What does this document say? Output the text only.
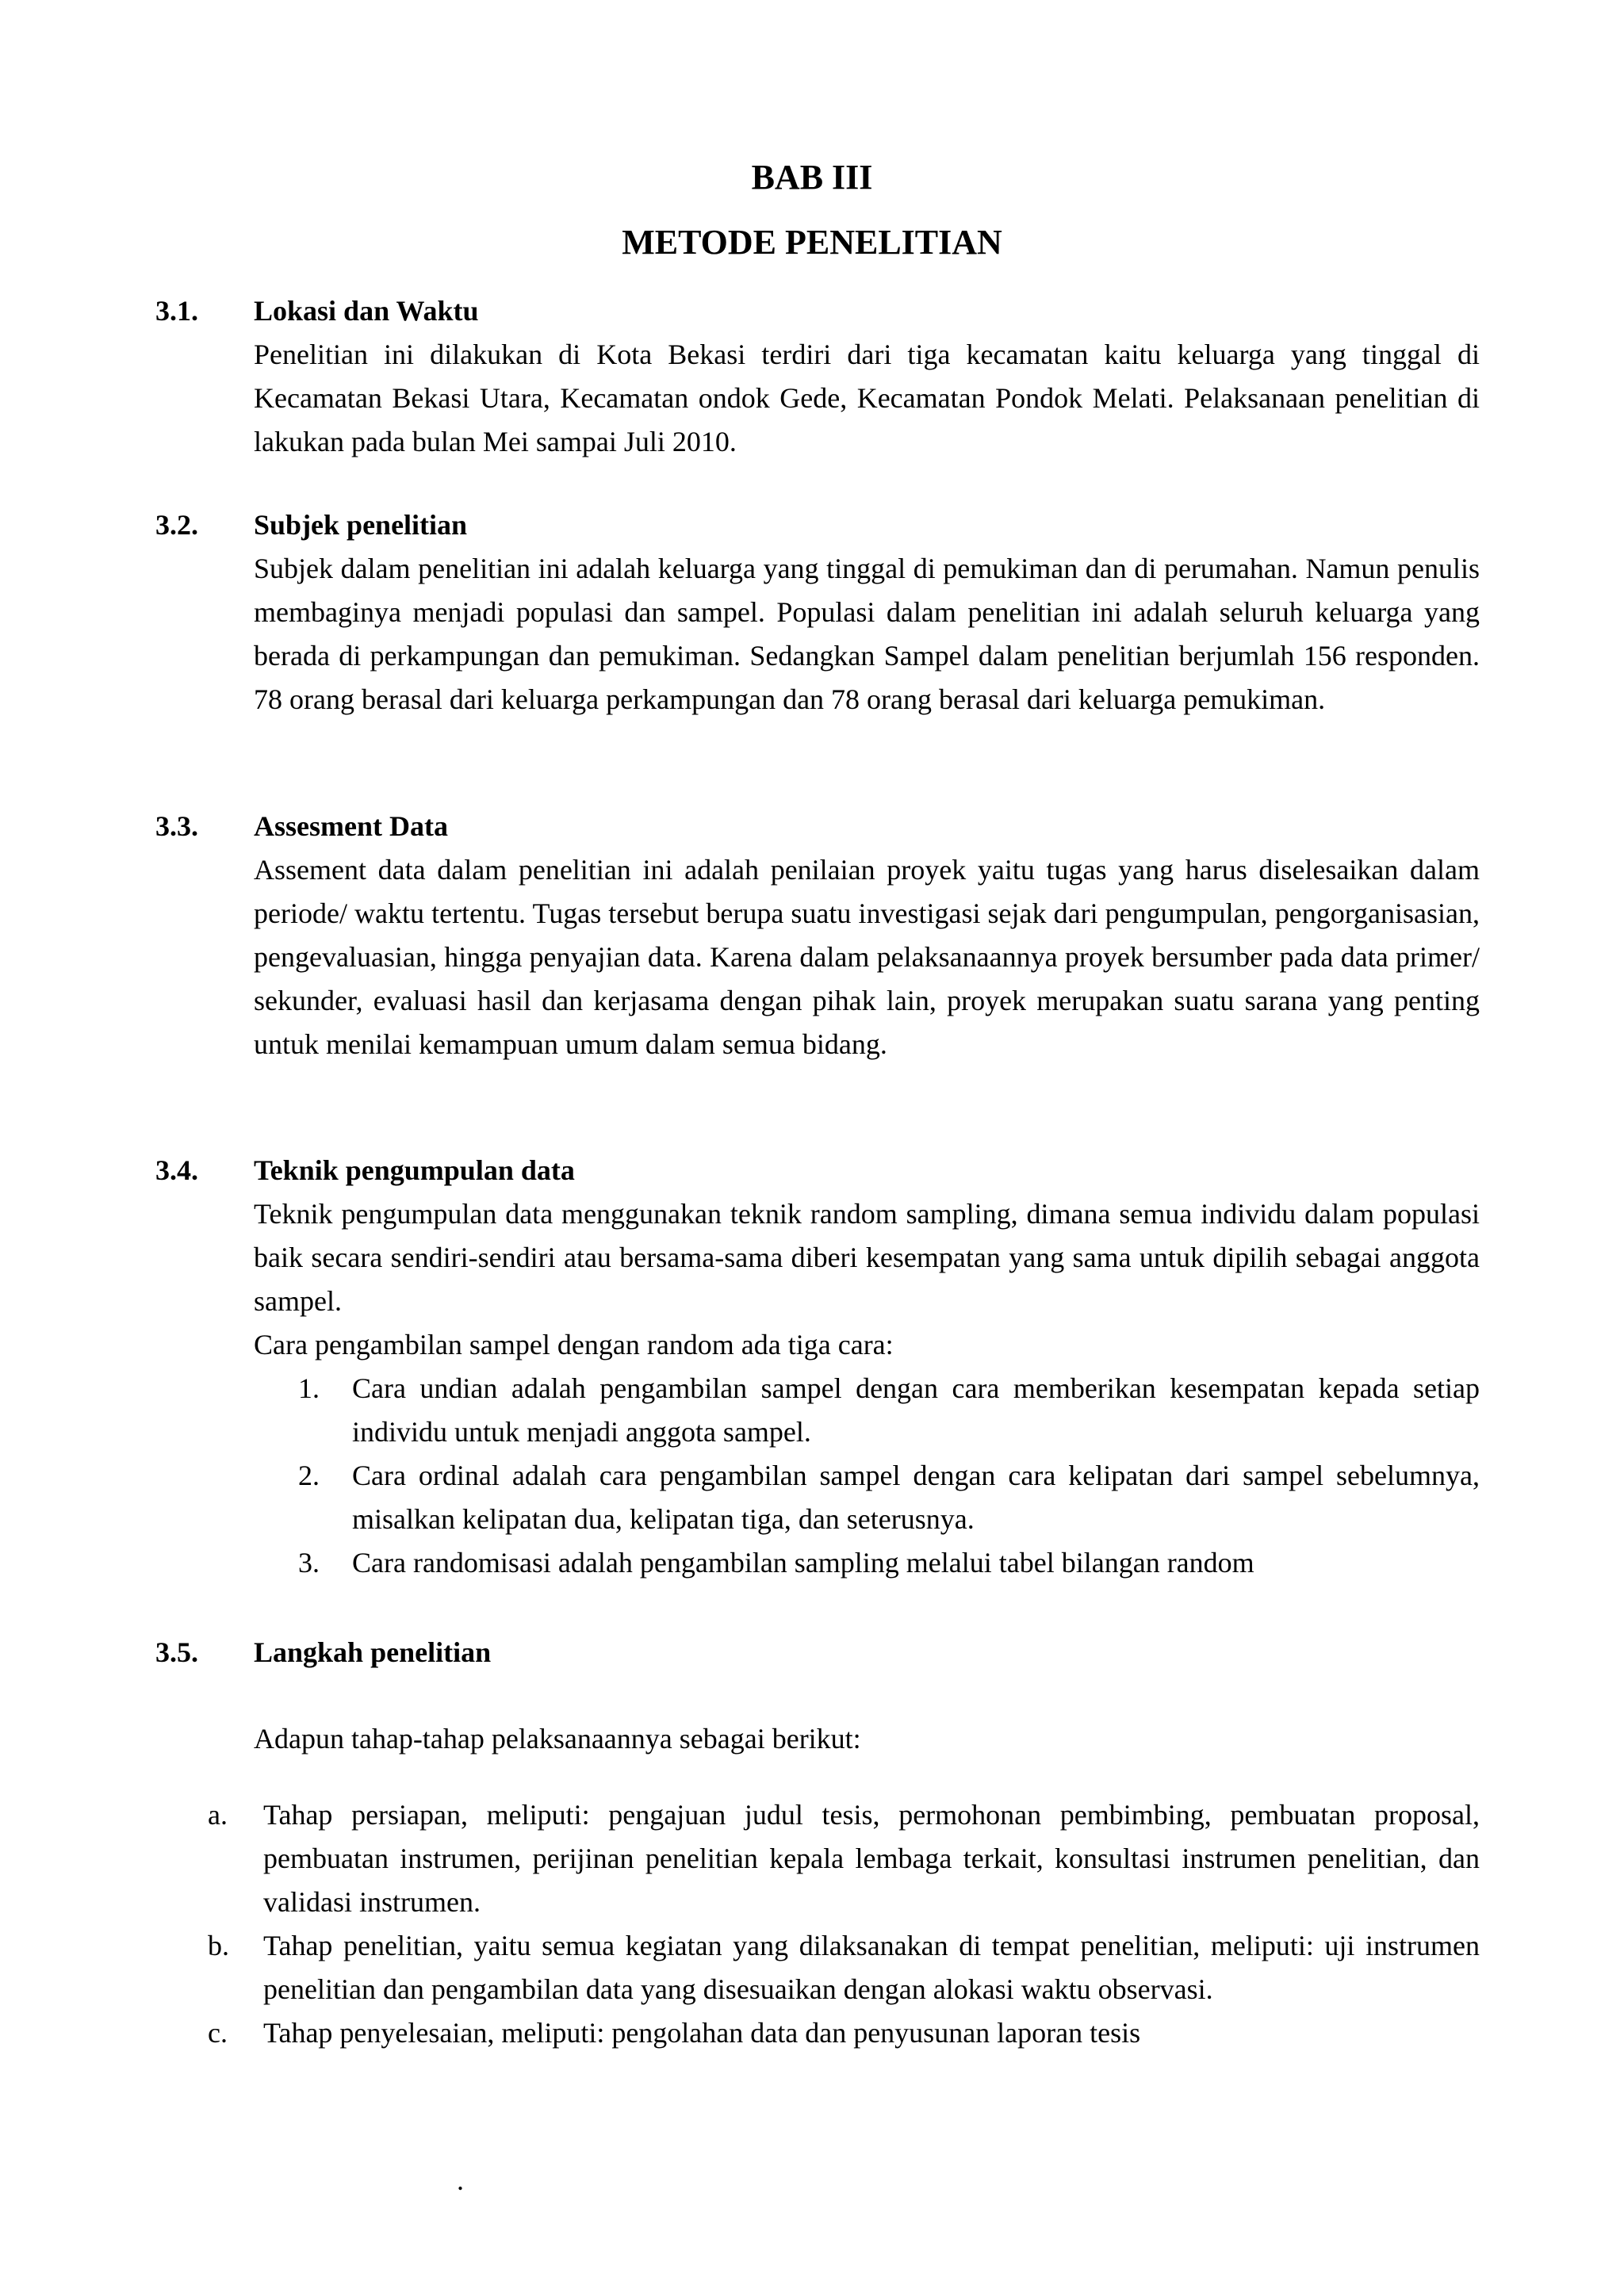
BAB III
METODE PENELITIAN
3.1. Lokasi dan Waktu

Penelitian ini dilakukan di Kota Bekasi terdiri dari tiga kecamatan kaitu keluarga yang tinggal di Kecamatan Bekasi Utara, Kecamatan ondok Gede, Kecamatan Pondok Melati. Pelaksanaan penelitian di lakukan pada bulan Mei sampai Juli 2010.

3.2. Subjek penelitian

Subjek dalam penelitian ini adalah keluarga yang tinggal di pemukiman dan di perumahan. Namun penulis membaginya menjadi populasi dan sampel. Populasi dalam penelitian ini adalah seluruh keluarga yang berada di perkampungan dan pemukiman. Sedangkan Sampel dalam penelitian berjumlah 156 responden. 78 orang berasal dari keluarga perkampungan dan 78 orang berasal dari keluarga pemukiman.

3.3. Assesment Data

Assement data dalam penelitian ini adalah penilaian proyek yaitu tugas yang harus diselesaikan dalam periode/ waktu tertentu. Tugas tersebut berupa suatu investigasi sejak dari pengumpulan, pengorganisasian, pengevaluasian, hingga penyajian data. Karena dalam pelaksanaannya proyek bersumber pada data primer/ sekunder, evaluasi hasil dan kerjasama dengan pihak lain, proyek merupakan suatu sarana yang penting untuk menilai kemampuan umum dalam semua bidang.

3.4. Teknik pengumpulan data

Teknik pengumpulan data menggunakan teknik random sampling, dimana semua individu dalam populasi baik secara sendiri-sendiri atau bersama-sama diberi kesempatan yang sama untuk dipilih sebagai anggota sampel.

Cara pengambilan sampel dengan random ada tiga cara:

1. Cara undian adalah pengambilan sampel dengan cara memberikan kesempatan kepada setiap individu untuk menjadi anggota sampel.
2. Cara ordinal adalah cara pengambilan sampel dengan cara kelipatan dari sampel sebelumnya, misalkan kelipatan dua, kelipatan tiga, dan seterusnya.
3. Cara randomisasi adalah pengambilan sampling melalui tabel bilangan random
3.5. Langkah penelitian
Adapun tahap-tahap pelaksanaannya sebagai berikut:
a. Tahap persiapan, meliputi: pengajuan judul tesis, permohonan pembimbing, pembuatan proposal, pembuatan instrumen, perijinan penelitian kepala lembaga terkait, konsultasi instrumen penelitian, dan validasi instrumen.
b. Tahap penelitian, yaitu semua kegiatan yang dilaksanakan di tempat penelitian, meliputi: uji instrumen penelitian dan pengambilan data yang disesuaikan dengan alokasi waktu observasi.
c. Tahap penyelesaian, meliputi: pengolahan data dan penyusunan laporan tesis
.
